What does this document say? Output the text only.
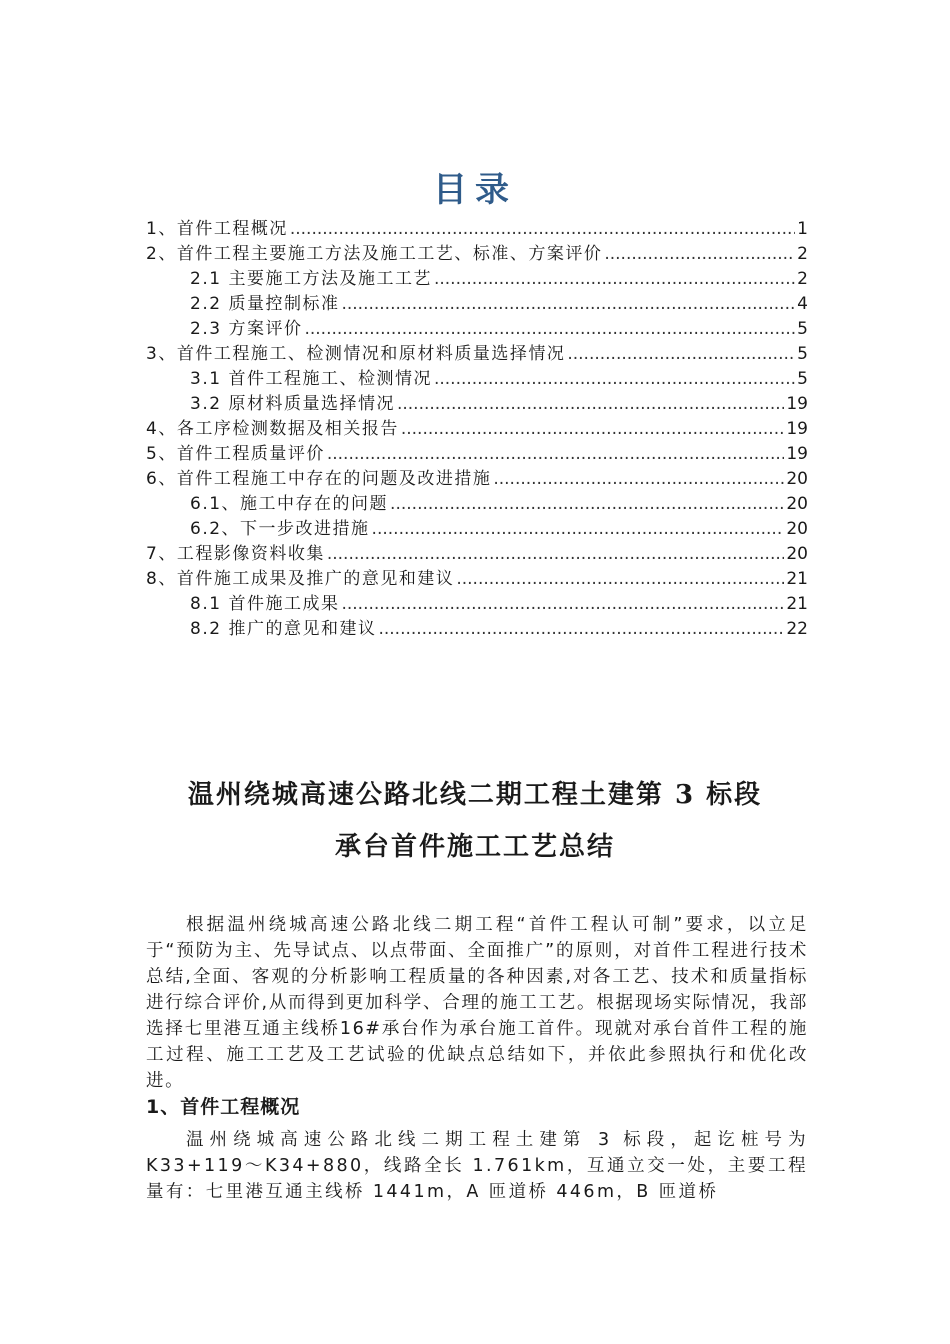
目录
1、首件工程概况 .....	1
2、首件工程主要施工方法及施工工艺、标准、方案评价 .....	2
2.1 主要施工方法及施工工艺 .....	2
2.2 质量控制标准 .....	4
2.3 方案评价 .....	5
3、首件工程施工、检测情况和原材料质量选择情况 .....	5
3.1 首件工程施工、检测情况 .....	5
3.2 原材料质量选择情况 .....	19
4、各工序检测数据及相关报告 .....	19
5、首件工程质量评价 .....	19
6、首件工程施工中存在的问题及改进措施 .....	20
6.1、施工中存在的问题 .....	20
6.2、下一步改进措施 .....	20
7、工程影像资料收集 .....	20
8、首件施工成果及推广的意见和建议 .....	21
8.1 首件施工成果 .....	21
8.2 推广的意见和建议 .....	22
温州绕城高速公路北线二期工程土建第 3 标段
承台首件施工工艺总结

根据温州绕城高速公路北线二期工程“首件工程认可制”要求，以立足于“预防为主、先导试点、以点带面、全面推广”的原则，对首件工程进行技术总结,全面、客观的分析影响工程质量的各种因素,对各工艺、技术和质量指标进行综合评价,从而得到更加科学、合理的施工工艺。根据现场实际情况，我部选择七里港互通主线桥16#承台作为承台施工首件。现就对承台首件工程的施工过程、施工工艺及工艺试验的优缺点总结如下，并依此参照执行和优化改进。

1、首件工程概况

温州绕城高速公路北线二期工程土建第 3 标段，起讫桩号为K33+119～K34+880，线路全长 1.761km，互通立交一处，主要工程量有：七里港互通主线桥 1441m，A 匝道桥 446m，B 匝道桥
